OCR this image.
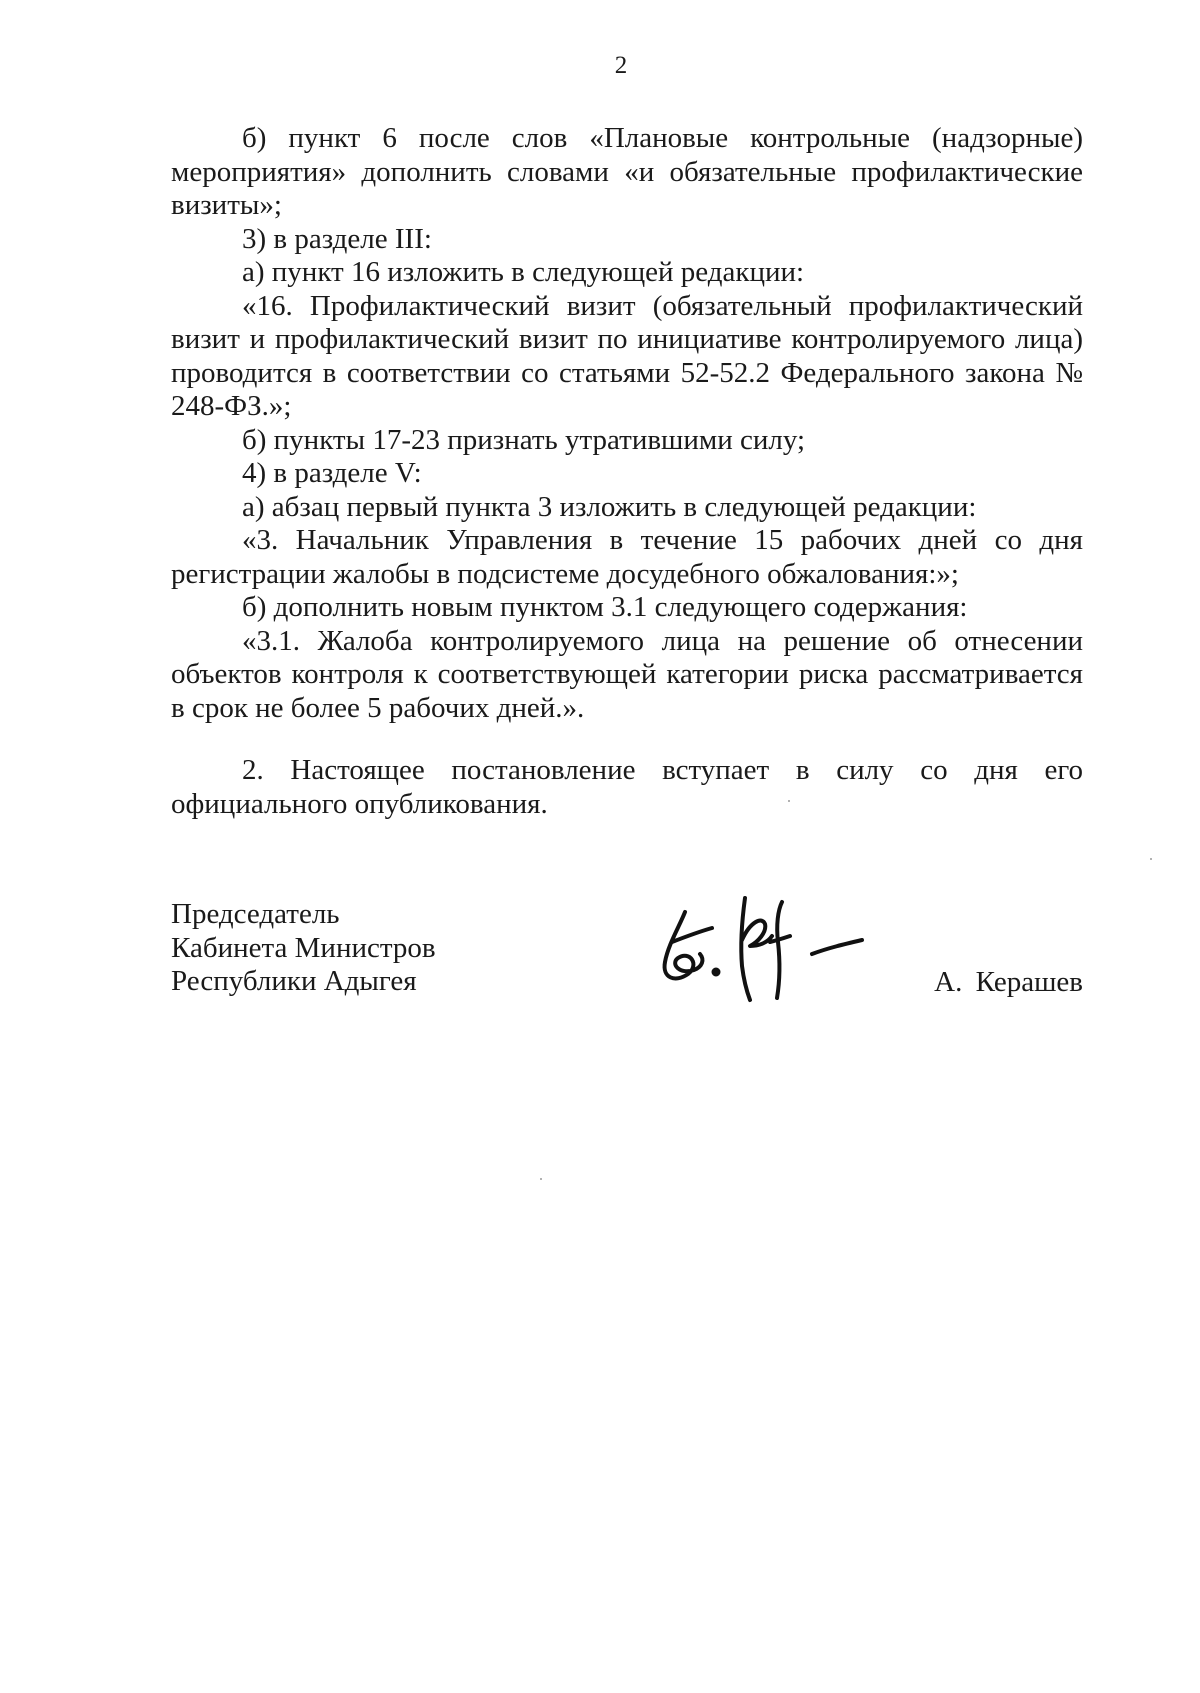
2

б) пункт 6 после слов «Плановые контрольные (надзорные) мероприятия» дополнить словами «и обязательные профилактические визиты»;

3) в разделе III:

а) пункт 16 изложить в следующей редакции:

«16. Профилактический визит (обязательный профилактический визит и профилактический визит по инициативе контролируемого лица) проводится в соответствии со статьями 52-52.2 Федерального закона № 248-ФЗ.»;

б) пункты 17-23 признать утратившими силу;

4) в разделе V:

а) абзац первый пункта 3 изложить в следующей редакции:

«3. Начальник Управления в течение 15 рабочих дней со дня регистрации жалобы в подсистеме досудебного обжалования:»;

б) дополнить новым пунктом 3.1 следующего содержания:

«3.1. Жалоба контролируемого лица на решение об отнесении объектов контроля к соответствующей категории риска рассматривается в срок не более 5 рабочих дней.».

2. Настоящее постановление вступает в силу со дня его официального опубликования.

Председатель
Кабинета Министров
Республики Адыгея	А. Керашев
